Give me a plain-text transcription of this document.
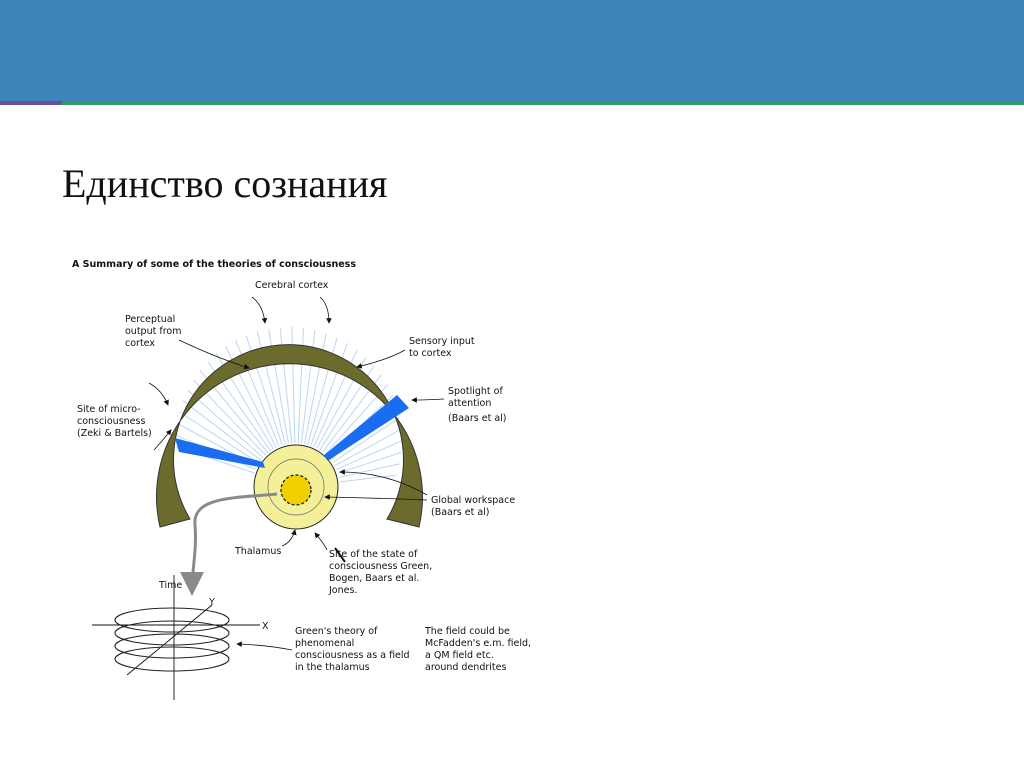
Единство сознания
A Summary of some of the theories of consciousness
Cerebral cortex
Perceptual
output from
cortex	Sensory input
to cortex
Spotlight of
attention
(Baars et al)
Site of micro-
consciousness
(Zeki & Bartels)
Global workspace
(Baars et al)
Thalamus	Site of the state of
consciousness Green,
Bogen, Baars et al.
Jones.
Time
Y
X	Green's theory of
phenomenal
consciousness as a field
in the thalamus
The field could be
McFadden's e.m. field,
a QM field etc.
around dendrites
